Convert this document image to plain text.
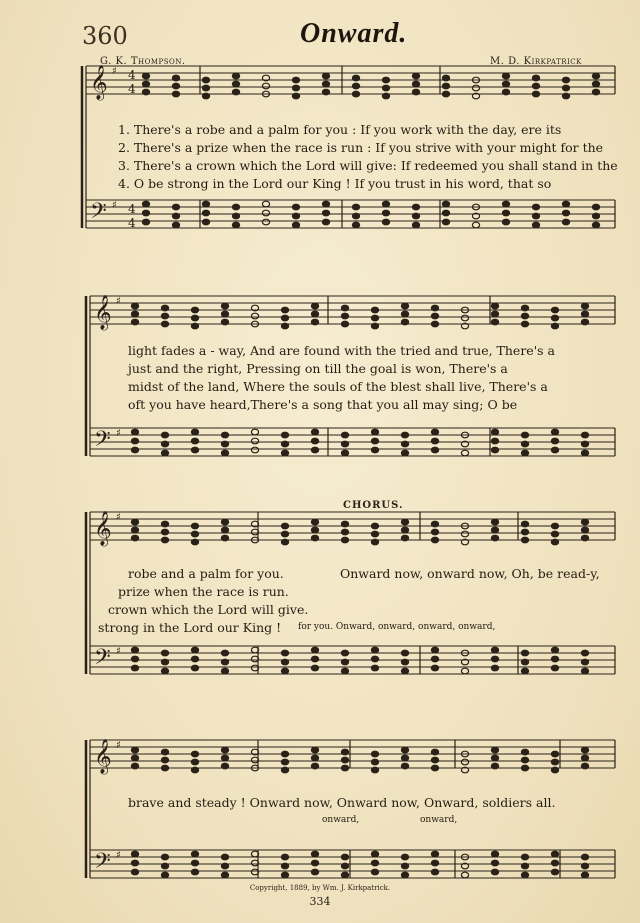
360	Onward.
G. K. Thompson.	M. D. Kirkpatrick
𝄞
𝄢
♯
♯
4
4
4
4
𝄞
𝄢
♯
♯
𝄞
𝄢
♯
♯
𝄞
𝄢
♯
♯
1. There's a robe and a palm for you : If you work with the day, ere its
2. There's a prize when the race is run : If you strive with your might for the
3. There's a crown which the Lord will give: If redeemed you shall stand in the
4. O be strong in the Lord our King ! If you trust in his word, that so
light fades a - way, And are found with the tried and true, There's a
just and the right, Pressing on till the goal is won, There's a
midst of the land, Where the souls of the blest shall live, There's a
oft you have heard,There's a song that you all may sing; O be
CHORUS.
robe and a palm for you.	Onward now, onward now, Oh, be read-y,
prize when the race is run.
crown which the Lord will give.
strong in the Lord our King ! for you. Onward, onward, onward, onward,
brave and steady ! Onward now, Onward now, Onward, soldiers all.
onward,	onward,
Copyright, 1889, by Wm. J. Kirkpatrick.
334
